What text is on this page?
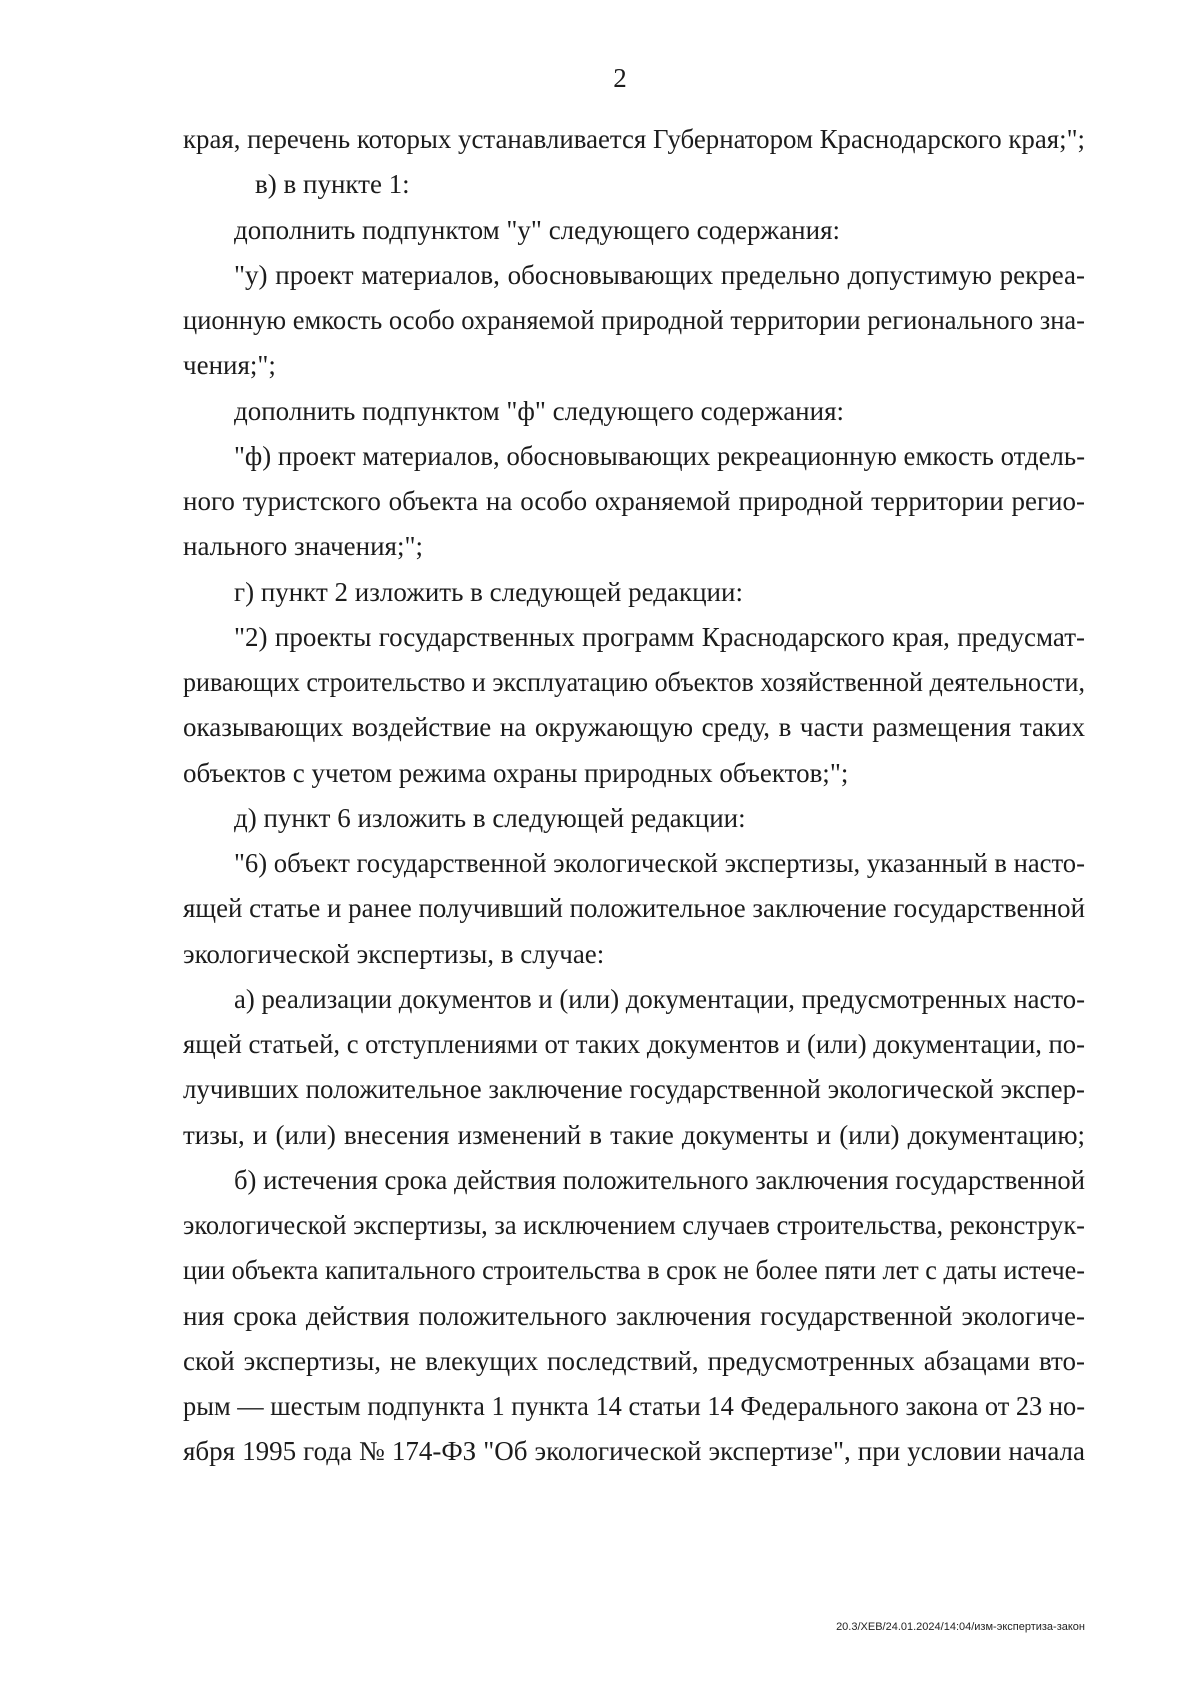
2
края, перечень которых устанавливается Губернатором Краснодарского края;";
в) в пункте 1:
дополнить подпунктом "у" следующего содержания:
"у) проект материалов, обосновывающих предельно допустимую рекреа-
ционную емкость особо охраняемой природной территории регионального зна-
чения;";
дополнить подпунктом "ф" следующего содержания:
"ф) проект материалов, обосновывающих рекреационную емкость отдель-
ного туристского объекта на особо охраняемой природной территории регио-
нального значения;";
г) пункт 2 изложить в следующей редакции:
"2) проекты государственных программ Краснодарского края, предусмат-
ривающих строительство и эксплуатацию объектов хозяйственной деятельности,
оказывающих воздействие на окружающую среду, в части размещения таких
объектов с учетом режима охраны природных объектов;";
д) пункт 6 изложить в следующей редакции:
"6) объект государственной экологической экспертизы, указанный в насто-
ящей статье и ранее получивший положительное заключение государственной
экологической экспертизы, в случае:
а) реализации документов и (или) документации, предусмотренных насто-
ящей статьей, с отступлениями от таких документов и (или) документации, по-
лучивших положительное заключение государственной экологической экспер-
тизы, и (или) внесения изменений в такие документы и (или) документацию;
б) истечения срока действия положительного заключения государственной
экологической экспертизы, за исключением случаев строительства, реконструк-
ции объекта капитального строительства в срок не более пяти лет с даты истече-
ния срока действия положительного заключения государственной экологиче-
ской экспертизы, не влекущих последствий, предусмотренных абзацами вто-
рым — шестым подпункта 1 пункта 14 статьи 14 Федерального закона от 23 но-
ября 1995 года № 174-ФЗ "Об экологической экспертизе", при условии начала
20.3/ХЕВ/24.01.2024/14:04/изм-экспертиза-закон
